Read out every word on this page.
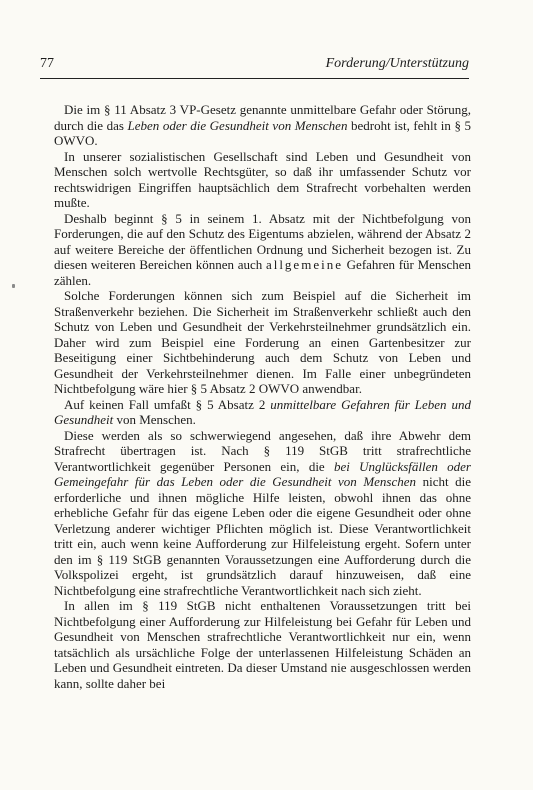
77	Forderung/Unterstützung

Die im § 11 Absatz 3 VP-Gesetz genannte unmittelbare Gefahr oder Störung, durch die das Leben oder die Gesundheit von Menschen bedroht ist, fehlt in § 5 OWVO.

In unserer sozialistischen Gesellschaft sind Leben und Gesundheit von Menschen solch wertvolle Rechtsgüter, so daß ihr umfassender Schutz vor rechtswidrigen Eingriffen hauptsächlich dem Strafrecht vorbehalten werden mußte.

Deshalb beginnt § 5 in seinem 1. Absatz mit der Nichtbefolgung von Forderungen, die auf den Schutz des Eigentums abzielen, während der Absatz 2 auf weitere Bereiche der öffentlichen Ordnung und Sicherheit bezogen ist. Zu diesen weiteren Bereichen können auch allgemeine Gefahren für Menschen zählen.

Solche Forderungen können sich zum Beispiel auf die Sicherheit im Straßenverkehr beziehen. Die Sicherheit im Straßenverkehr schließt auch den Schutz von Leben und Gesundheit der Verkehrsteilnehmer grundsätzlich ein. Daher wird zum Beispiel eine Forderung an einen Gartenbesitzer zur Beseitigung einer Sichtbehinderung auch dem Schutz von Leben und Gesundheit der Verkehrsteilnehmer dienen. Im Falle einer unbegründeten Nichtbefolgung wäre hier § 5 Absatz 2 OWVO anwendbar.

Auf keinen Fall umfaßt § 5 Absatz 2 unmittelbare Gefahren für Leben und Gesundheit von Menschen.

Diese werden als so schwerwiegend angesehen, daß ihre Abwehr dem Strafrecht übertragen ist. Nach § 119 StGB tritt strafrechtliche Verantwortlichkeit gegenüber Personen ein, die bei Unglücksfällen oder Gemeingefahr für das Leben oder die Gesundheit von Menschen nicht die erforderliche und ihnen mögliche Hilfe leisten, obwohl ihnen das ohne erhebliche Gefahr für das eigene Leben oder die eigene Gesundheit oder ohne Verletzung anderer wichtiger Pflichten möglich ist. Diese Verantwortlichkeit tritt ein, auch wenn keine Aufforderung zur Hilfeleistung ergeht. Sofern unter den im § 119 StGB genannten Voraussetzungen eine Aufforderung durch die Volkspolizei ergeht, ist grundsätzlich darauf hinzuweisen, daß eine Nichtbefolgung eine strafrechtliche Verantwortlichkeit nach sich zieht.

In allen im § 119 StGB nicht enthaltenen Voraussetzungen tritt bei Nichtbefolgung einer Aufforderung zur Hilfeleistung bei Gefahr für Leben und Gesundheit von Menschen strafrechtliche Verantwortlichkeit nur ein, wenn tatsächlich als ursächliche Folge der unterlassenen Hilfeleistung Schäden an Leben und Gesundheit eintreten. Da dieser Umstand nie ausgeschlossen werden kann, sollte daher bei
